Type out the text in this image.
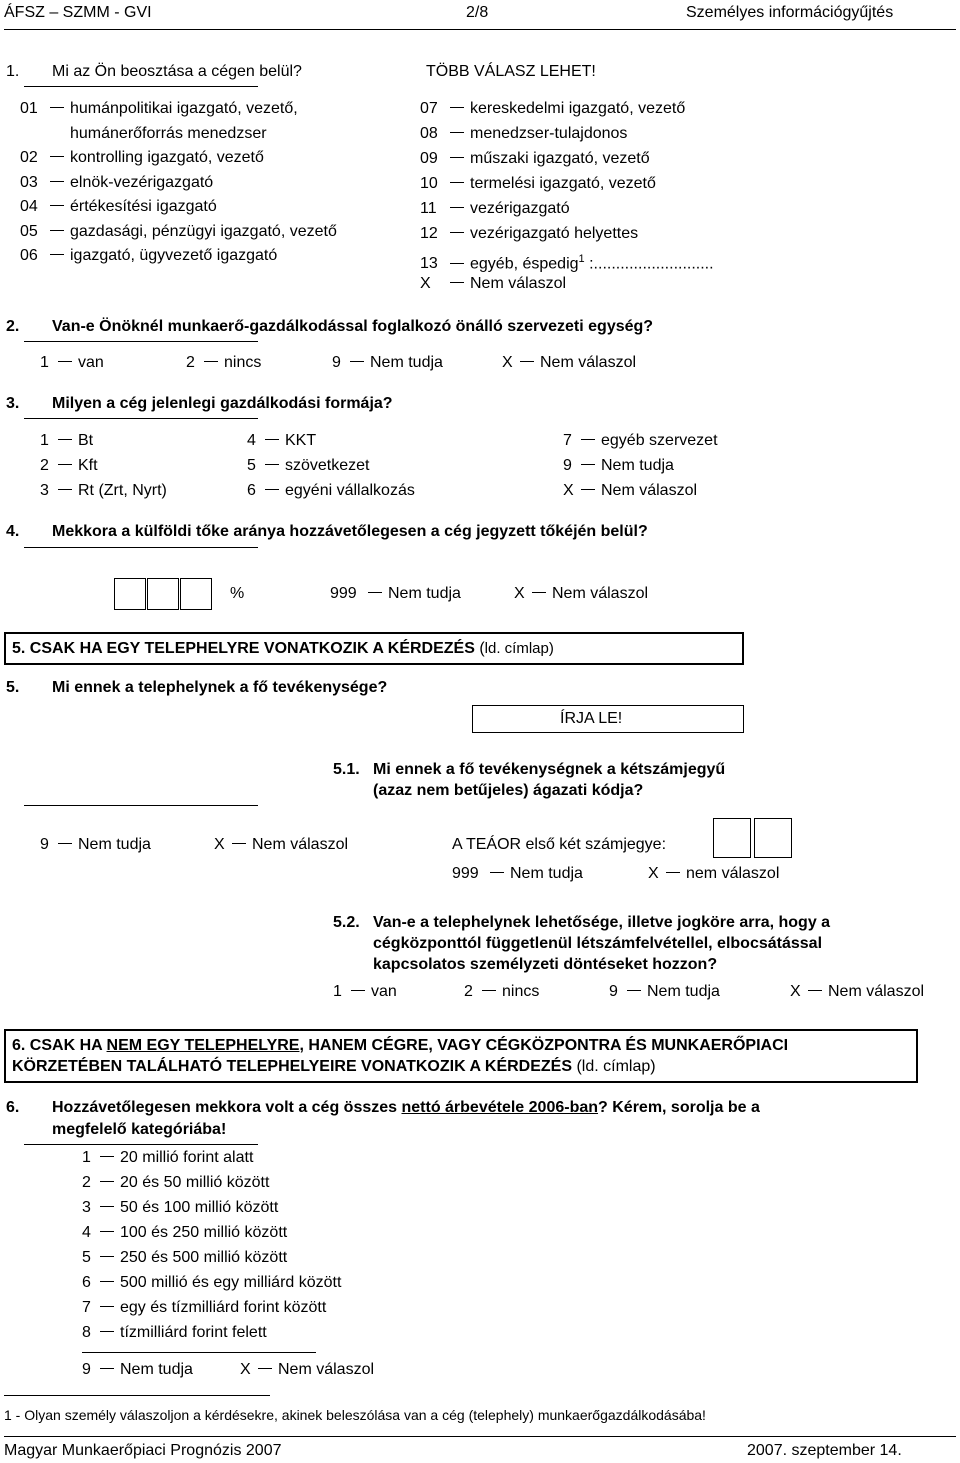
ÁFSZ – SZMM - GVI	2/8	Személyes információgyűjtés
1. Mi az Ön beosztása a cégen belül?	TÖBB VÁLASZ LEHET!
01 humánpolitikai igazgató, vezető,
humánerőforrás menedzser
02 kontrolling igazgató, vezető
03 elnök-vezérigazgató
04 értékesítési igazgató
05 gazdasági, pénzügyi igazgató, vezető
06 igazgató, ügyvezető igazgató
07 kereskedelmi igazgató, vezető
08 menedzser-tulajdonos
09 műszaki igazgató, vezető
10 termelési igazgató, vezető
11 vezérigazgató
12 vezérigazgató helyettes
13 egyéb, éspedig$^1$ :...........................
X Nem válaszol
2. Van-e Önöknél munkaerő-gazdálkodással foglalkozó önálló szervezeti egység?
1 van	2 nincs	9 Nem tudja	X Nem válaszol
3. Milyen a cég jelenlegi gazdálkodási formája?
1 Bt
2 Kft
3 Rt (Zrt, Nyrt)
4 KKT
5 szövetkezet
6 egyéni vállalkozás
7 egyéb szervezet
9 Nem tudja
X Nem válaszol
4. Mekkora a külföldi tőke aránya hozzávetőlegesen a cég jegyzett tőkéjén belül?
%	999 Nem tudja	X Nem válaszol
5. CSAK HA EGY TELEPHELYRE VONATKOZIK A KÉRDEZÉS (ld. címlap)
5. Mi ennek a telephelynek a fő tevékenysége?
ÍRJA LE!
5.1. Mi ennek a fő tevékenységnek a kétszámjegyű
(azaz nem betűjeles) ágazati kódja?
9 Nem tudja	X Nem válaszol	A TEÁOR első két számjegye:
999 Nem tudja	X nem válaszol
5.2. Van-e a telephelynek lehetősége, illetve jogköre arra, hogy a
cégközponttól függetlenül létszámfelvétellel, elbocsátással
kapcsolatos személyzeti döntéseket hozzon?
1 van	2 nincs	9 Nem tudja	X Nem válaszol
6. CSAK HA NEM EGY TELEPHELYRE, HANEM CÉGRE, VAGY CÉGKÖZPONTRA ÉS MUNKAERŐPIACI
KÖRZETÉBEN TALÁLHATÓ TELEPHELYEIRE VONATKOZIK A KÉRDEZÉS (ld. címlap)
6. Hozzávetőlegesen mekkora volt a cég összes nettó árbevétele 2006-ban? Kérem, sorolja be a
megfelelő kategóriába!
1 20 millió forint alatt
2 20 és 50 millió között
3 50 és 100 millió között
4 100 és 250 millió között
5 250 és 500 millió között
6 500 millió és egy milliárd között
7 egy és tízmilliárd forint között
8 tízmilliárd forint felett
9 Nem tudja	X Nem válaszol
1 - Olyan személy válaszoljon a kérdésekre, akinek beleszólása van a cég (telephely) munkaerőgazdálkodásába!
Magyar Munkaerőpiaci Prognózis 2007	2007. szeptember 14.
